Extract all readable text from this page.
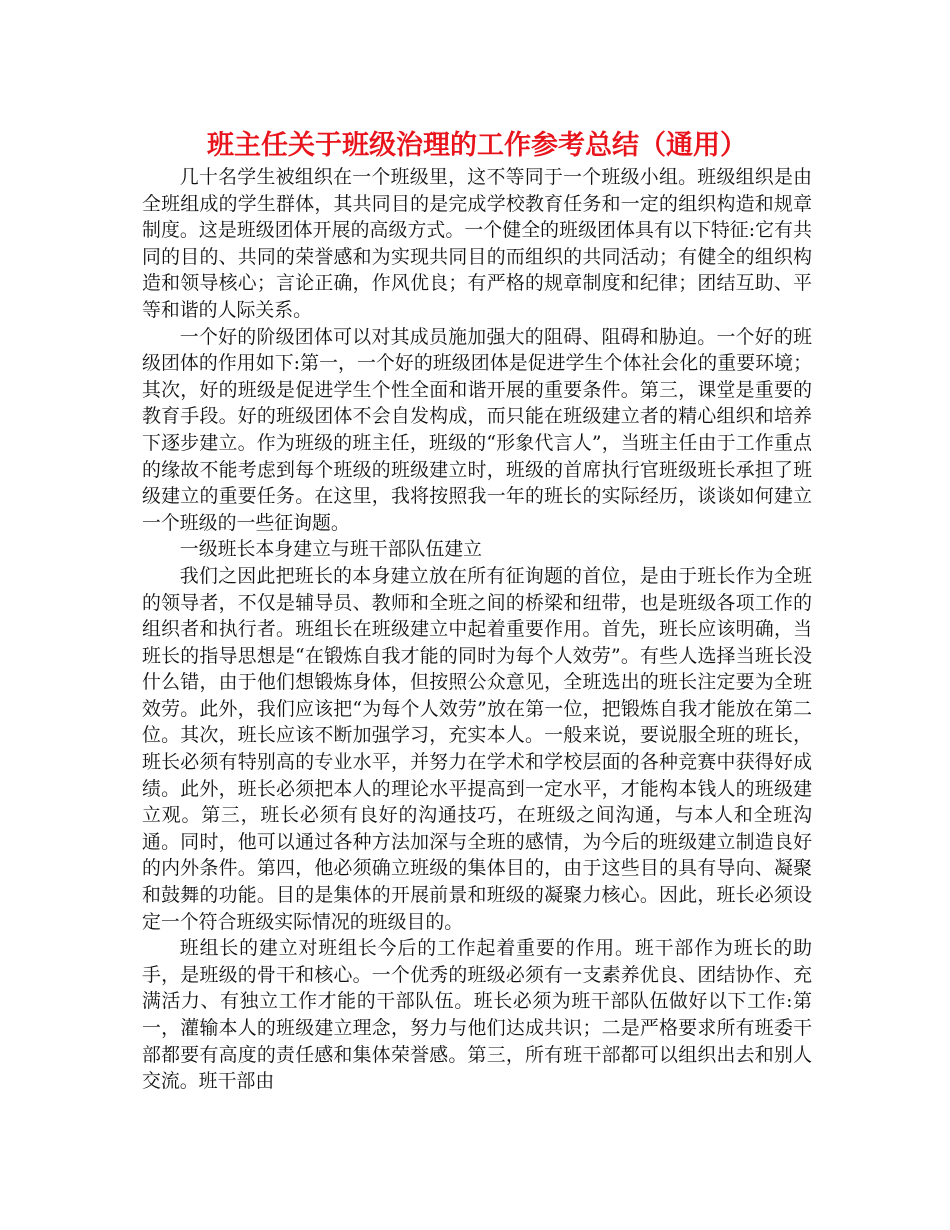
班主任关于班级治理的工作参考总结（通用）

几十名学生被组织在一个班级里，这不等同于一个班级小组。班级组织是由全班组成的学生群体，其共同目的是完成学校教育任务和一定的组织构造和规章制度。这是班级团体开展的高级方式。一个健全的班级团体具有以下特征:它有共同的目的、共同的荣誉感和为实现共同目的而组织的共同活动；有健全的组织构造和领导核心；言论正确，作风优良；有严格的规章制度和纪律；团结互助、平等和谐的人际关系。

一个好的阶级团体可以对其成员施加强大的阻碍、阻碍和胁迫。一个好的班级团体的作用如下:第一，一个好的班级团体是促进学生个体社会化的重要环境；其次，好的班级是促进学生个性全面和谐开展的重要条件。第三，课堂是重要的教育手段。好的班级团体不会自发构成，而只能在班级建立者的精心组织和培养下逐步建立。作为班级的班主任，班级的“形象代言人”，当班主任由于工作重点的缘故不能考虑到每个班级的班级建立时，班级的首席执行官班级班长承担了班级建立的重要任务。在这里，我将按照我一年的班长的实际经历，谈谈如何建立一个班级的一些征询题。

一级班长本身建立与班干部队伍建立

我们之因此把班长的本身建立放在所有征询题的首位，是由于班长作为全班的领导者，不仅是辅导员、教师和全班之间的桥梁和纽带，也是班级各项工作的组织者和执行者。班组长在班级建立中起着重要作用。首先，班长应该明确，当班长的指导思想是“在锻炼自我才能的同时为每个人效劳”。有些人选择当班长没什么错，由于他们想锻炼身体，但按照公众意见，全班选出的班长注定要为全班效劳。此外，我们应该把“为每个人效劳”放在第一位，把锻炼自我才能放在第二位。其次，班长应该不断加强学习，充实本人。一般来说，要说服全班的班长，班长必须有特别高的专业水平，并努力在学术和学校层面的各种竞赛中获得好成绩。此外，班长必须把本人的理论水平提高到一定水平，才能构本钱人的班级建立观。第三，班长必须有良好的沟通技巧，在班级之间沟通，与本人和全班沟通。同时，他可以通过各种方法加深与全班的感情，为今后的班级建立制造良好的内外条件。第四，他必须确立班级的集体目的，由于这些目的具有导向、凝聚和鼓舞的功能。目的是集体的开展前景和班级的凝聚力核心。因此，班长必须设定一个符合班级实际情况的班级目的。

班组长的建立对班组长今后的工作起着重要的作用。班干部作为班长的助手，是班级的骨干和核心。一个优秀的班级必须有一支素养优良、团结协作、充满活力、有独立工作才能的干部队伍。班长必须为班干部队伍做好以下工作:第一，灌输本人的班级建立理念，努力与他们达成共识；二是严格要求所有班委干部都要有高度的责任感和集体荣誉感。第三，所有班干部都可以组织出去和别人交流。班干部由
